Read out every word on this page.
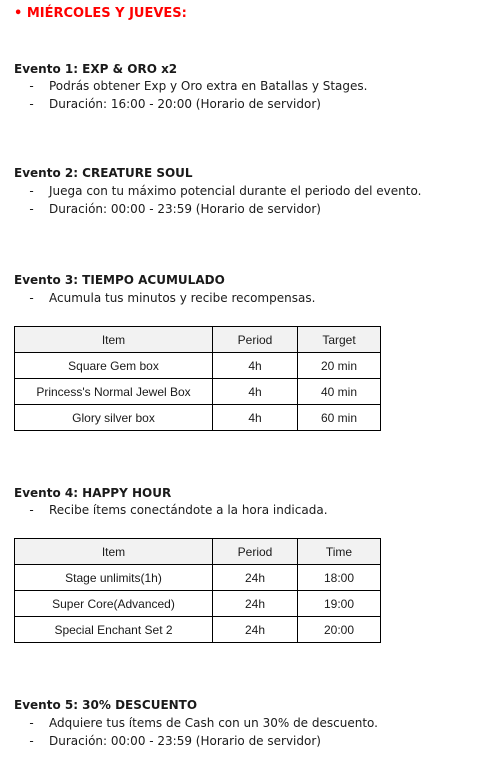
• MIÉRCOLES Y JUEVES:
Evento 1: EXP & ORO x2
- Podrás obtener Exp y Oro extra en Batallas y Stages.
- Duración: 16:00 - 20:00 (Horario de servidor)
Evento 2: CREATURE SOUL
- Juega con tu máximo potencial durante el periodo del evento.
- Duración: 00:00 - 23:59 (Horario de servidor)
Evento 3: TIEMPO ACUMULADO
- Acumula tus minutos y recibe recompensas.
Item	Period	Target
Square Gem box	4h	20 min
Princess's Normal Jewel Box	4h	40 min
Glory silver box	4h	60 min
Evento 4: HAPPY HOUR
- Recibe ítems conectándote a la hora indicada.
Item	Period	Time
Stage unlimits(1h)	24h	18:00
Super Core(Advanced)	24h	19:00
Special Enchant Set 2	24h	20:00
Evento 5: 30% DESCUENTO
- Adquiere tus ítems de Cash con un 30% de descuento.
- Duración: 00:00 - 23:59 (Horario de servidor)
